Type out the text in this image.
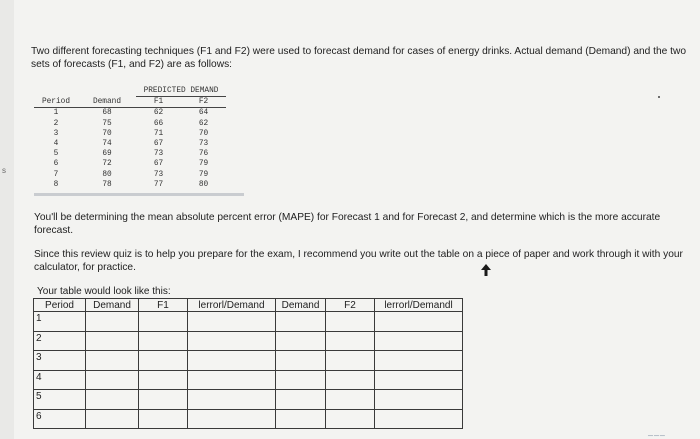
s

Two different forecasting techniques (F1 and F2) were used to forecast demand for cases of energy drinks. Actual demand (Demand) and the two sets of forecasts (F1, and F2) are as follows:

		PREDICTED DEMAND	
Period	Demand	F1	F2
1	68	62	64
2	75	66	62
3	70	71	70
4	74	67	73
5	69	73	76
6	72	67	79
7	80	73	79
8	78	77	80

You'll be determining the mean absolute percent error (MAPE) for Forecast 1 and for Forecast 2, and determine which is the more accurate forecast.

Since this review quiz is to help you prepare for the exam, I recommend you write out the table on a piece of paper and work through it with your calculator, for practice.

Your table would look like this:
Period	Demand	F1	lerrorl/Demand	Demand	F2	lerrorl/Demandl
1						
2						
3						
4						
5						
6						
───
